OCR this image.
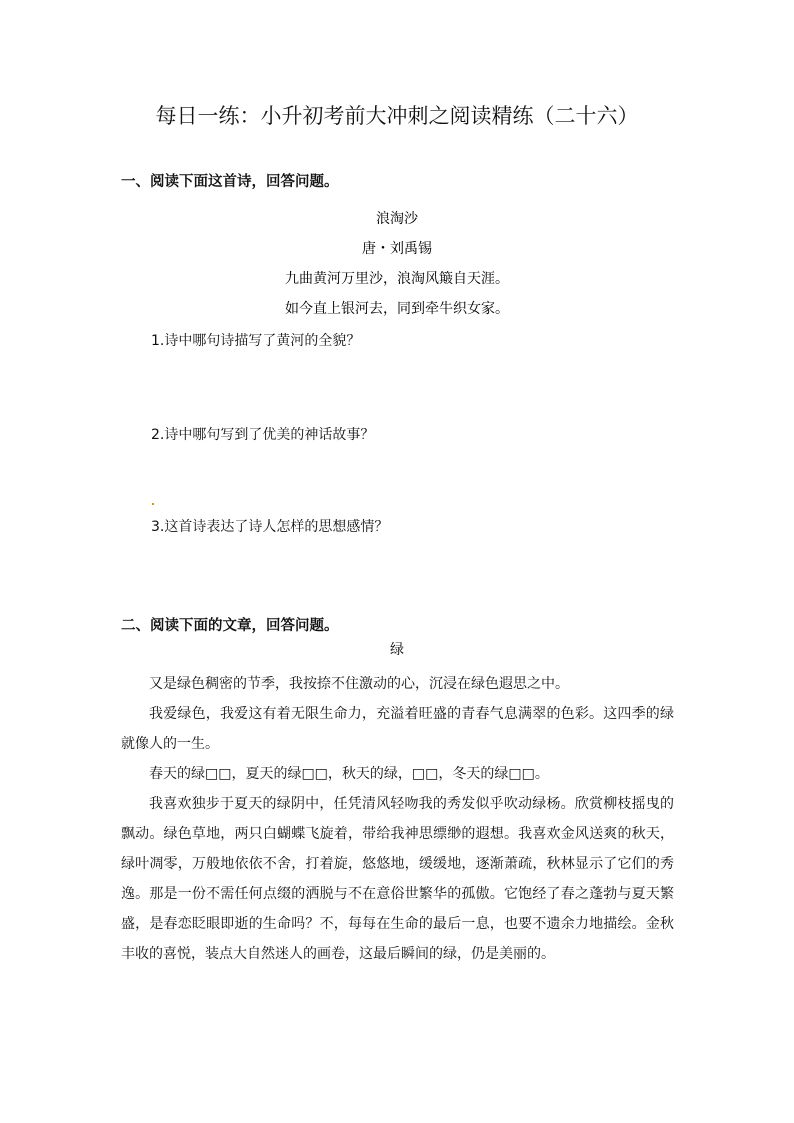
每日一练：小升初考前大冲刺之阅读精练（二十六）
一、阅读下面这首诗，回答问题。
浪淘沙
唐・刘禹锡
九曲黄河万里沙，浪淘风簸自天涯。
如今直上银河去，同到牵牛织女家。
1.诗中哪句诗描写了黄河的全貌？
2.诗中哪句写到了优美的神话故事？
3.这首诗表达了诗人怎样的思想感情？
二、阅读下面的文章，回答问题。
绿

又是绿色稠密的节季，我按捺不住激动的心，沉浸在绿色遐思之中。

我爱绿色，我爱这有着无限生命力，充溢着旺盛的青春气息满翠的色彩。这四季的绿就像人的一生。

春天的绿□□，夏天的绿□□，秋天的绿，□□，冬天的绿□□。

我喜欢独步于夏天的绿阴中，任凭清风轻吻我的秀发似乎吹动绿杨。欣赏柳枝摇曳的飘动。绿色草地，两只白蝴蝶飞旋着，带给我神思缥缈的遐想。我喜欢金风送爽的秋天，绿叶凋零，万般地依依不舍，打着旋，悠悠地，缓缓地，逐渐萧疏，秋林显示了它们的秀逸。那是一份不需任何点缀的洒脱与不在意俗世繁华的孤傲。它饱经了春之蓬勃与夏天繁盛，是春恋眨眼即逝的生命吗？不，每每在生命的最后一息，也要不遗余力地描绘。金秋丰收的喜悦，装点大自然迷人的画卷，这最后瞬间的绿，仍是美丽的。
